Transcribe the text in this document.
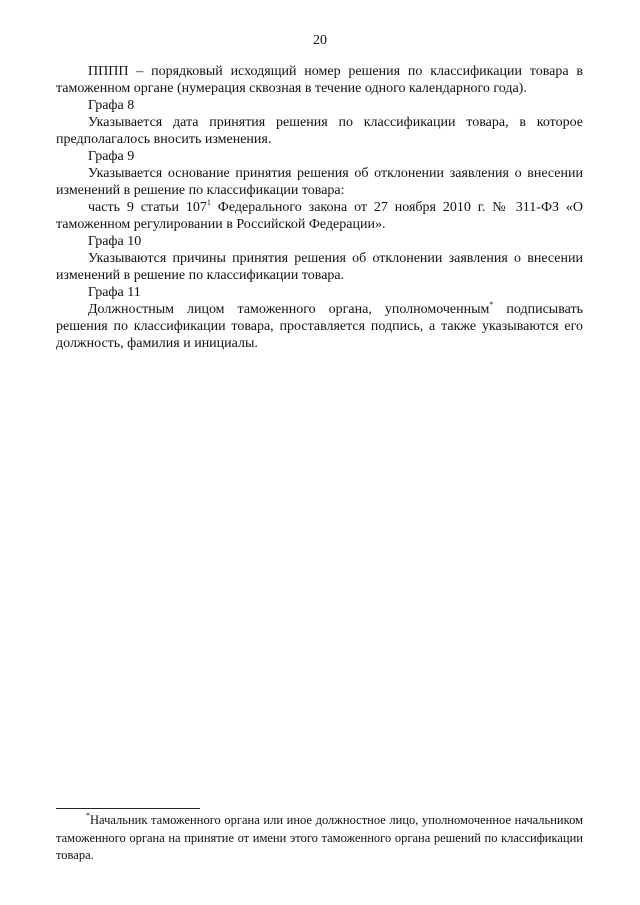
20

ПППП – порядковый исходящий номер решения по классификации товара в таможенном органе (нумерация сквозная в течение одного календарного года).

Графа 8

Указывается дата принятия решения по классификации товара, в которое предполагалось вносить изменения.

Графа 9

Указывается основание принятия решения об отклонении заявления о внесении изменений в решение по классификации товара:

часть 9 статьи $107^1$ Федерального закона от 27 ноября 2010 г. № 311-ФЗ «О таможенном регулировании в Российской Федерации».

Графа 10

Указываются причины принятия решения об отклонении заявления о внесении изменений в решение по классификации товара.

Графа 11

Должностным лицом таможенного органа, уполномоченным* подписывать решения по классификации товара, проставляется подпись, а также указываются его должность, фамилия и инициалы.

*Начальник таможенного органа или иное должностное лицо, уполномоченное начальником таможенного органа на принятие от имени этого таможенного органа решений по классификации товара.
